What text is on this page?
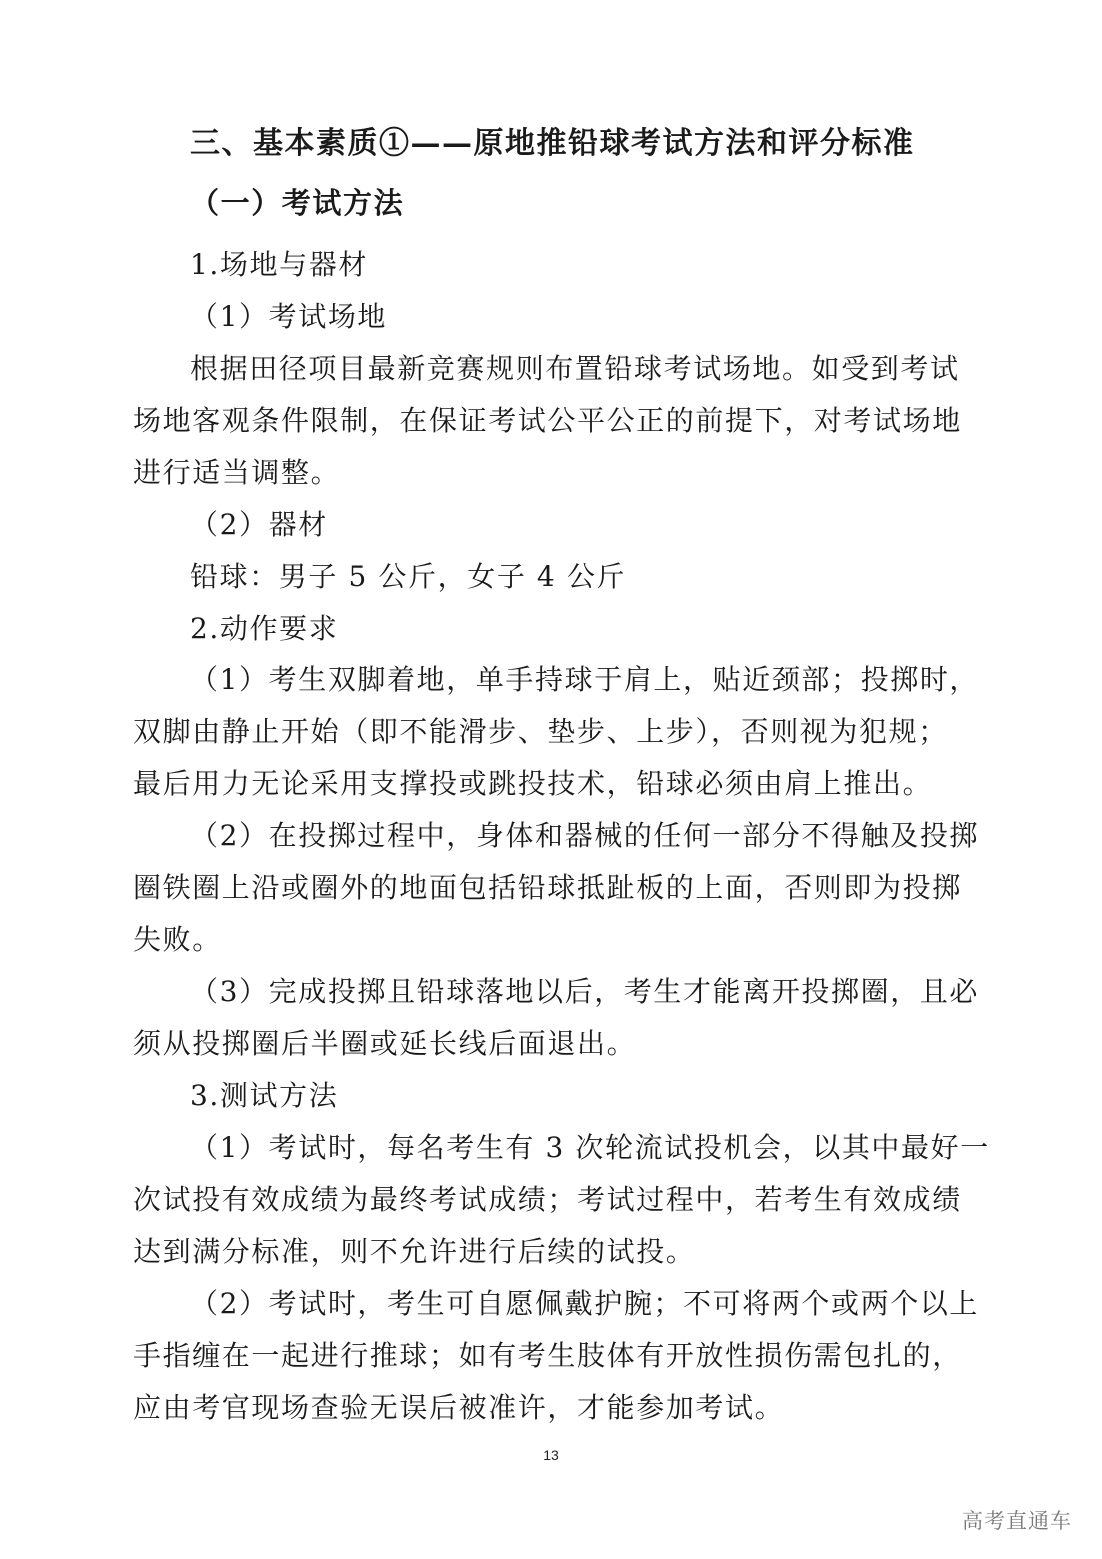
三、基本素质①——原地推铅球考试方法和评分标准
（一）考试方法
1.场地与器材
（1）考试场地
根据田径项目最新竞赛规则布置铅球考试场地。如受到考试
场地客观条件限制，在保证考试公平公正的前提下，对考试场地
进行适当调整。
（2）器材
铅球：男子 5 公斤，女子 4 公斤
2.动作要求
（1）考生双脚着地，单手持球于肩上，贴近颈部；投掷时，
双脚由静止开始（即不能滑步、垫步、上步），否则视为犯规；
最后用力无论采用支撑投或跳投技术，铅球必须由肩上推出。
（2）在投掷过程中，身体和器械的任何一部分不得触及投掷
圈铁圈上沿或圈外的地面包括铅球抵趾板的上面，否则即为投掷
失败。
（3）完成投掷且铅球落地以后，考生才能离开投掷圈，且必
须从投掷圈后半圈或延长线后面退出。
3.测试方法
（1）考试时，每名考生有 3 次轮流试投机会，以其中最好一
次试投有效成绩为最终考试成绩；考试过程中，若考生有效成绩
达到满分标准，则不允许进行后续的试投。
（2）考试时，考生可自愿佩戴护腕；不可将两个或两个以上
手指缠在一起进行推球；如有考生肢体有开放性损伤需包扎的，
应由考官现场查验无误后被准许，才能参加考试。
13
高考直通车
